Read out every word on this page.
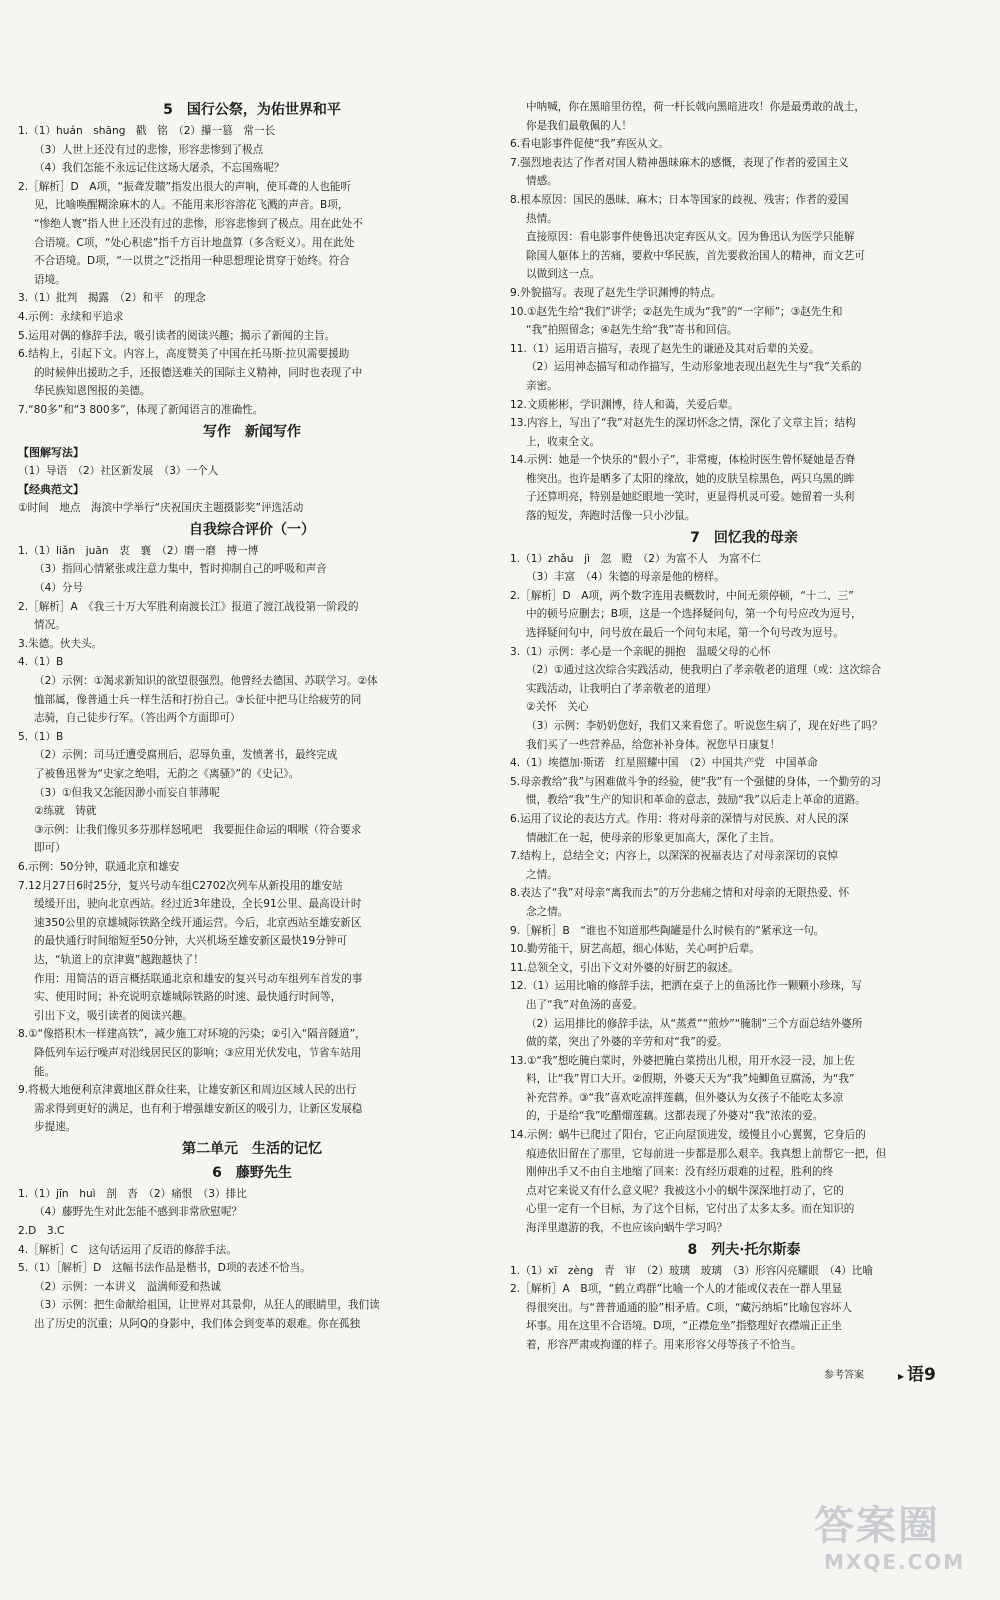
5　国行公祭，为佑世界和平
1.（1）huán　shāng　戳　铭　（2）攥一篡　常一长
（3）人世上还没有过的悲惨，形容悲惨到了极点
（4）我们怎能不永远记住这场大屠杀，不忘国殇呢？
2.［解析］D　A项，“振聋发聩”指发出很大的声响，使耳聋的人也能听
见，比喻唤醒糊涂麻木的人。不能用来形容溶花飞溅的声音。B项，
“惨绝人寰”指人世上还没有过的悲惨，形容悲惨到了极点。用在此处不
合语境。C项，“处心积虑”指千方百计地盘算（多含贬义）。用在此处
不合语境。D项，“一以贯之”泛指用一种思想理论贯穿于始终。符合
语境。
3.（1）批判　揭露　（2）和平　的理念
4.示例：永续和平追求
5.运用对偶的修辞手法，吸引读者的阅读兴趣；揭示了新闻的主旨。
6.结构上，引起下文。内容上，高度赞美了中国在托马斯·拉贝需要援助
的时候伸出援助之手，还报德送难关的国际主义精神，同时也表现了中
华民族知恩图报的美德。
7.“80多”和“3 800多”，体现了新闻语言的准确性。
写作　新闻写作
【图解写法】
（1）导语　（2）社区新发展　（3）一个人
【经典范文】
①时间　地点　海滨中学举行“庆祝国庆主题摄影奖”评选活动
自我综合评价（一）
1.（1）liǎn　juān　衷　襄　（2）磨一磨　搏一博
（3）指回心情紧张或注意力集中，暂时抑制自己的呼吸和声音
（4）分号
2.［解析］A　《我三十万大军胜利南渡长江》报道了渡江战役第一阶段的
情况。
3.朱德。伙夫头。
4.（1）B
（2）示例：①渴求新知识的欲望很强烈。他曾经去德国、苏联学习。②体
恤部属，像普通士兵一样生活和打扮自己。③长征中把马让给疲劳的同
志骑，自己徒步行军。（答出两个方面即可）
5.（1）B
（2）示例：司马迁遭受腐刑后，忍辱负重，发愤著书，最终完成
了被鲁迅誉为“史家之绝唱，无韵之《离骚》”的《史记》。
（3）①但我又怎能因渺小而妄自菲薄呢
②练就　铸就
③示例：让我们像贝多芬那样怒吼吧　我要扼住命运的咽喉（符合要求
即可）
6.示例：50分钟，联通北京和雄安
7.12月27日6时25分，复兴号动车组C2702次列车从新投用的雄安站
缓缓开出，驶向北京西站。经过近3年建设，全长91公里、最高设计时
速350公里的京雄城际铁路全线开通运营。今后，北京西站至雄安新区
的最快通行时间缩短至50分钟，大兴机场至雄安新区最快19分钟可
达，“轨道上的京津冀”越跑越快了！
作用：用简洁的语言概括联通北京和雄安的复兴号动车组列车首发的事
实、使用时间；补充说明京雄城际铁路的时速、最快通行时间等，
引出下文，吸引读者的阅读兴趣。
8.①“像搭积木一样建高铁”，减少施工对环境的污染；②引入“隔音隧道”，
降低列车运行噪声对沿线居民区的影响；③应用光伏发电，节省车站用
能。
9.将极大地便利京津冀地区群众往来，让雄安新区和周边区域人民的出行
需求得到更好的满足，也有利于增强雄安新区的吸引力，让新区发展稳
步提速。
第二单元　生活的记忆
6　藤野先生
1.（1）jīn　huì　剖　沓　（2）痛恨　（3）排比
（4）藤野先生对此怎能不感到非常欣慰呢？
2.D　3.C
4.［解析］C　这句话运用了反语的修辞手法。
5.（1）［解析］D　这幅书法作品是楷书，D项的表述不恰当。
（2）示例：一本讲义　溢满师爱和热诚
（3）示例：把生命献给祖国，让世界对其景仰，从狂人的眼睛里，我们读
出了历史的沉重；从阿Q的身影中，我们体会到变革的艰难。你在孤独
中呐喊，你在黑暗里彷徨，荷一杆长戟向黑暗进攻！你是最勇敢的战士，
你是我们最敬佩的人！
6.看电影事件促使“我”弃医从文。
7.强烈地表达了作者对国人精神愚昧麻木的感慨，表现了作者的爱国主义
情感。
8.根本原因：国民的愚昧、麻木；日本等国家的歧视、残害；作者的爱国
热情。
直接原因：看电影事件使鲁迅决定弃医从文。因为鲁迅认为医学只能解
除国人躯体上的苦痛，要救中华民族，首先要救治国人的精神，而文艺可
以做到这一点。
9.外貌描写。表现了赵先生学识渊博的特点。
10.①赵先生给“我们”讲学；②赵先生成为“我”的“一字师”；③赵先生和
“我”拍照留念；④赵先生给“我”寄书和回信。
11.（1）运用语言描写，表现了赵先生的谦逊及其对后辈的关爱。
（2）运用神态描写和动作描写，生动形象地表现出赵先生与“我”关系的
亲密。
12.文质彬彬，学识渊博，待人和蔼，关爱后辈。
13.内容上，写出了“我”对赵先生的深切怀念之情，深化了文章主旨；结构
上，收束全文。
14.示例：她是一个快乐的“假小子”，非常瘦，体检时医生曾怀疑她是否脊
椎突出。也许是晒多了太阳的缘故，她的皮肤呈棕黑色，两只乌黑的眸
子还算明亮，特别是她眨眼地一笑时，更显得机灵可爱。她留着一头利
落的短发，奔跑时活像一只小沙鼠。
7　回忆我的母亲
1.（1）zhǎu　jì　忽　瞪　（2）为富不人　为富不仁
（3）丰富　（4）朱德的母亲是他的榜样。
2.［解析］D　A项，两个数字连用表概数时，中间无须停顿，“十二、三”
中的顿号应删去；B项，这是一个选择疑问句，第一个句号应改为逗号，
选择疑问句中，问号放在最后一个问句末尾，第一个句号改为逗号。
3.（1）示例：孝心是一个亲昵的拥抱　温暖父母的心怀
（2）①通过这次综合实践活动，使我明白了孝亲敬老的道理（或：这次综合
实践活动，让我明白了孝亲敬老的道理）
②关怀　关心
（3）示例：李奶奶您好，我们又来看您了。听说您生病了，现在好些了吗？
我们买了一些营养品，给您补补身体。祝您早日康复！
4.（1）埃德加·斯诺　红星照耀中国　（2）中国共产党　中国革命
5.母亲教给“我”与困难做斗争的经验，使“我”有一个强健的身体，一个勤劳的习
惯，教给“我”生产的知识和革命的意志，鼓励“我”以后走上革命的道路。
6.运用了议论的表达方式。作用：将对母亲的深情与对民族、对人民的深
情融汇在一起，使母亲的形象更加高大，深化了主旨。
7.结构上，总结全文；内容上，以深深的祝福表达了对母亲深切的哀悼
之情。
8.表达了“我”对母亲“离我而去”的万分悲痛之情和对母亲的无限热爱、怀
念之情。
9.［解析］B　“谁也不知道那些陶罐是什么时候有的”紧承这一句。
10.勤劳能干，厨艺高超，细心体贴，关心呵护后辈。
11.总领全文，引出下文对外婆的好厨艺的叙述。
12.（1）运用比喻的修辞手法，把洒在桌子上的鱼汤比作一颗颗小珍珠，写
出了“我”对鱼汤的喜爱。
（2）运用排比的修辞手法，从“蒸煮”“煎炒”“腌制”三个方面总结外婆所
做的菜，突出了外婆的辛劳和对“我”的爱。
13.①“我”想吃腌白菜时，外婆把腌白菜捞出儿根，用开水浸一浸，加上佐
料，让“我”胃口大开。②假期，外婆天天为“我”炖鲫鱼豆腐汤，为“我”
补充营养。③“我”喜欢吃凉拌莲藕，但外婆认为女孩子不能吃太多凉
的，于是给“我”吃醋熘莲藕。这都表现了外婆对“我”浓浓的爱。
14.示例：蜗牛已爬过了阳台，它正向屋顶进发，缓慢且小心翼翼，它身后的
痕迹依旧留在了那里，它每前进一步都是那么艰辛。我真想上前帮它一把，但
刚伸出手又不由自主地缩了回来：没有经历艰难的过程，胜利的终
点对它来说又有什么意义呢？我被这小小的蜗牛深深地打动了，它的
心里一定有一个目标，为了这个目标，它付出了太多太多。而在知识的
海洋里遨游的我，不也应该向蜗牛学习吗？
8　列夫·托尔斯泰
1.（1）xī　zèng　青　审　（2）玻璃　玻璃　（3）形容闪亮耀眼　（4）比喻
2.［解析］A　B项，“鹤立鸡群”比喻一个人的才能或仪表在一群人里显
得很突出。与“普普通通的脸”相矛盾。C项，“藏污纳垢”比喻包容坏人
坏事。用在这里不合语境。D项，“正襟危坐”指整理好衣襟端正正坐
着，形容严肃或拘谨的样子。用来形容父母等孩子不恰当。
参考答案	▸ 语9
答案圈
MXQE.COM
